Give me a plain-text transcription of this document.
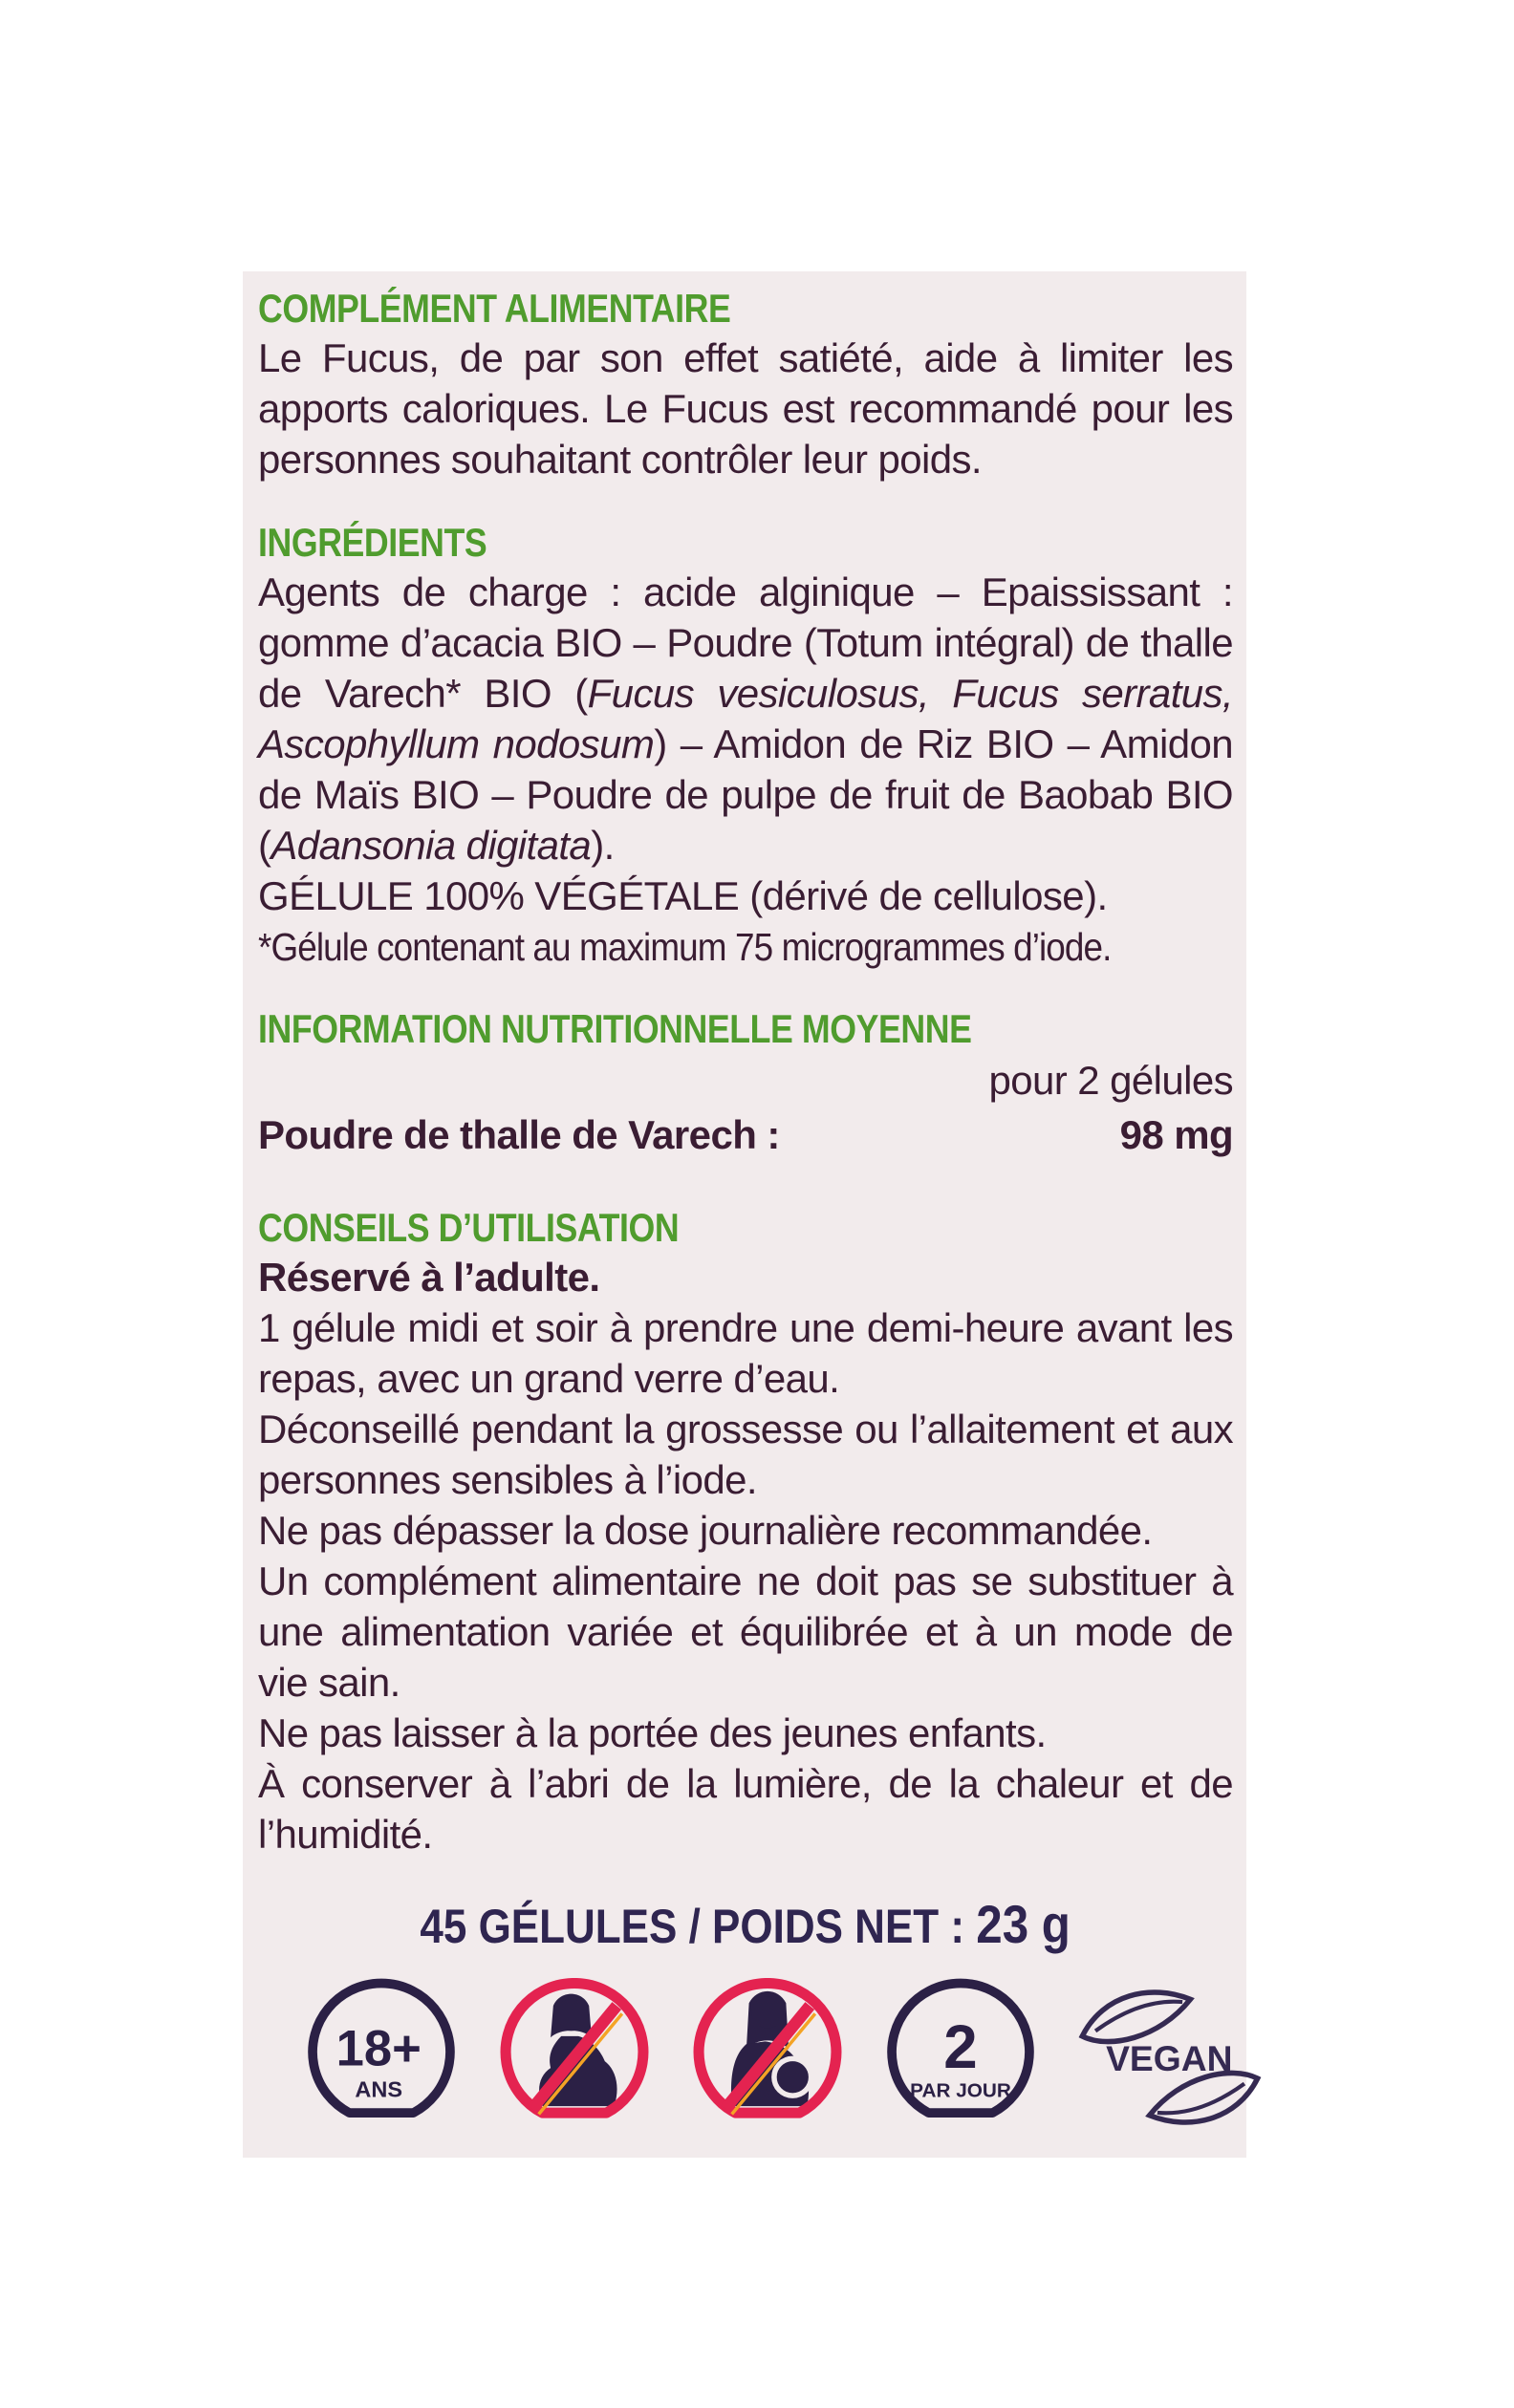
COMPLÉMENT ALIMENTAIRE

Le Fucus, de par son effet satiété, aide à limiter les apports caloriques. Le Fucus est recommandé pour les personnes souhaitant contrôler leur poids.

INGRÉDIENTS

Agents de charge : acide alginique – Epaississant : gomme d’acacia BIO – Poudre (Totum intégral) de thalle de Varech* BIO (Fucus vesiculosus, Fucus serratus, Ascophyllum nodosum) – Amidon de Riz BIO – Amidon de Maïs BIO – Poudre de pulpe de fruit de Baobab BIO (Adansonia digitata).

GÉLULE 100% VÉGÉTALE (dérivé de cellulose).

*Gélule contenant au maximum 75 microgrammes d’iode.

INFORMATION NUTRITIONNELLE MOYENNE
pour 2 gélules
Poudre de thalle de Varech :	98 mg
CONSEILS D’UTILISATION

Réservé à l’adulte.

1 gélule midi et soir à prendre une demi-heure avant les repas, avec un grand verre d’eau.

Déconseillé pendant la grossesse ou l’allaitement et aux personnes sensibles à l’iode.

Ne pas dépasser la dose journalière recommandée.

Un complément alimentaire ne doit pas se substituer à une alimentation variée et équilibrée et à un mode de vie sain.

Ne pas laisser à la portée des jeunes enfants.

À conserver à l’abri de la lumière, de la chaleur et de l’humidité.

45 GÉLULES / POIDS NET : 23 g
18+
ANS
2
PAR JOUR
VEGAN
